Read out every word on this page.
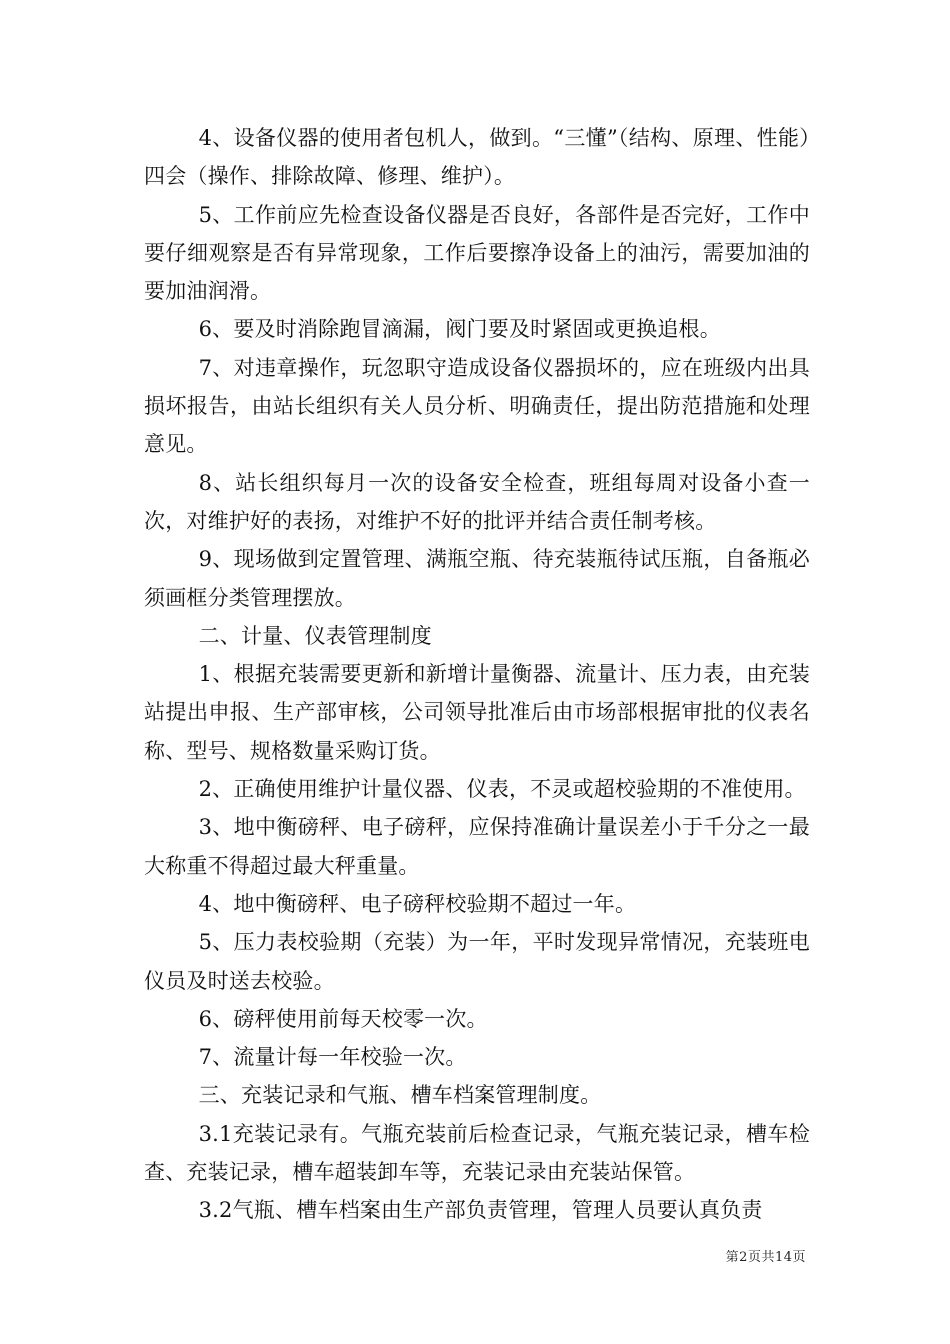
4、设备仪器的使用者包机人，做到。“三懂”（结构、原理、性能）四会（操作、排除故障、修理、维护）。

5、工作前应先检查设备仪器是否良好，各部件是否完好，工作中要仔细观察是否有异常现象，工作后要擦净设备上的油污，需要加油的要加油润滑。

6、要及时消除跑冒滴漏，阀门要及时紧固或更换追根。

7、对违章操作，玩忽职守造成设备仪器损坏的，应在班级内出具损坏报告，由站长组织有关人员分析、明确责任，提出防范措施和处理意见。

8、站长组织每月一次的设备安全检查，班组每周对设备小查一次，对维护好的表扬，对维护不好的批评并结合责任制考核。

9、现场做到定置管理、满瓶空瓶、待充装瓶待试压瓶，自备瓶必须画框分类管理摆放。

二、计量、仪表管理制度

1、根据充装需要更新和新增计量衡器、流量计、压力表，由充装站提出申报、生产部审核，公司领导批准后由市场部根据审批的仪表名称、型号、规格数量采购订货。

2、正确使用维护计量仪器、仪表，不灵或超校验期的不准使用。

3、地中衡磅秤、电子磅秤，应保持准确计量误差小于千分之一最大称重不得超过最大秤重量。

4、地中衡磅秤、电子磅秤校验期不超过一年。

5、压力表校验期（充装）为一年，平时发现异常情况，充装班电仪员及时送去校验。

6、磅秤使用前每天校零一次。

7、流量计每一年校验一次。

三、充装记录和气瓶、槽车档案管理制度。

3.1充装记录有。气瓶充装前后检查记录，气瓶充装记录，槽车检查、充装记录，槽车超装卸车等，充装记录由充装站保管。

3.2气瓶、槽车档案由生产部负责管理，管理人员要认真负责

第2页共14页
